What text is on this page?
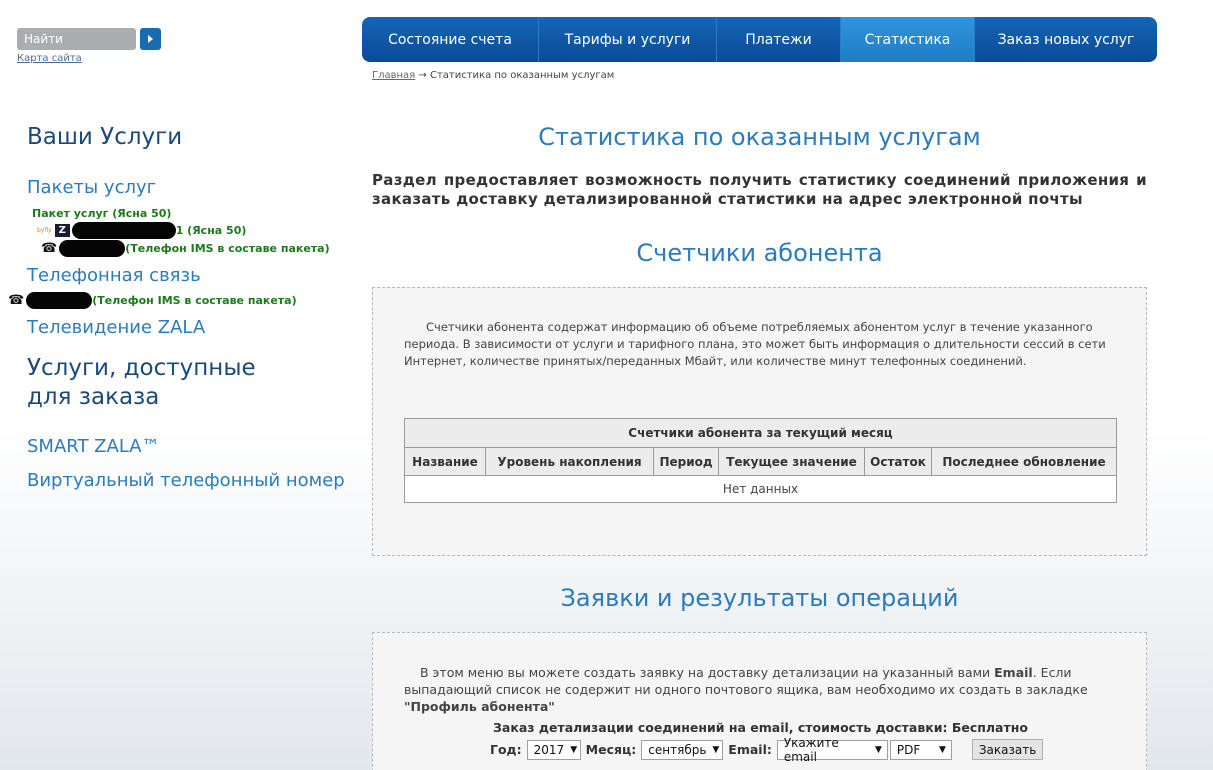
Найти
Карта сайта
Состояние счета	Тарифы и услуги	Платежи	Статистика	Заказ новых услуг
Главная → Статистика по оказанным услугам
Ваши Услуги
Пакеты услуг
Пакет услуг (Ясна 50)
byfly Z	1 (Ясна 50)
☎	(Телефон IMS в составе пакета)
Телефонная связь
☎	(Телефон IMS в составе пакета)
Телевидение ZALA
Услуги, доступные
для заказа
SMART ZALA™
Виртуальный телефонный номер
Статистика по оказанным услугам
Раздел предоставляет возможность получить статистику соединений приложения и заказать доставку детализированной статистики на адрес электронной почты
Счетчики абонента
Счетчики абонента содержат информацию об объеме потребляемых абонентом услуг в течение указанного периода. В зависимости от услуги и тарифного плана, это может быть информация о длительности сессий в сети Интернет, количестве принятых/переданных Мбайт, или количестве минут телефонных соединений.
Счетчики абонента за текущий месяц
Название	Уровень накопления	Период	Текущее значение	Остаток	Последнее обновление
Нет данных
Заявки и результаты операций
В этом меню вы можете создать заявку на доставку детализации на указанный вами Email. Если выпадающий список не содержит ни одного почтового ящика, вам необходимо их создать в закладке "Профиль абонента"
Заказ детализации соединений на email, стоимость доставки: Бесплатно
Год: 2017 ▼ Месяц: сентябрь ▼ Email: Укажите email	▼ PDF ▼	Заказать
